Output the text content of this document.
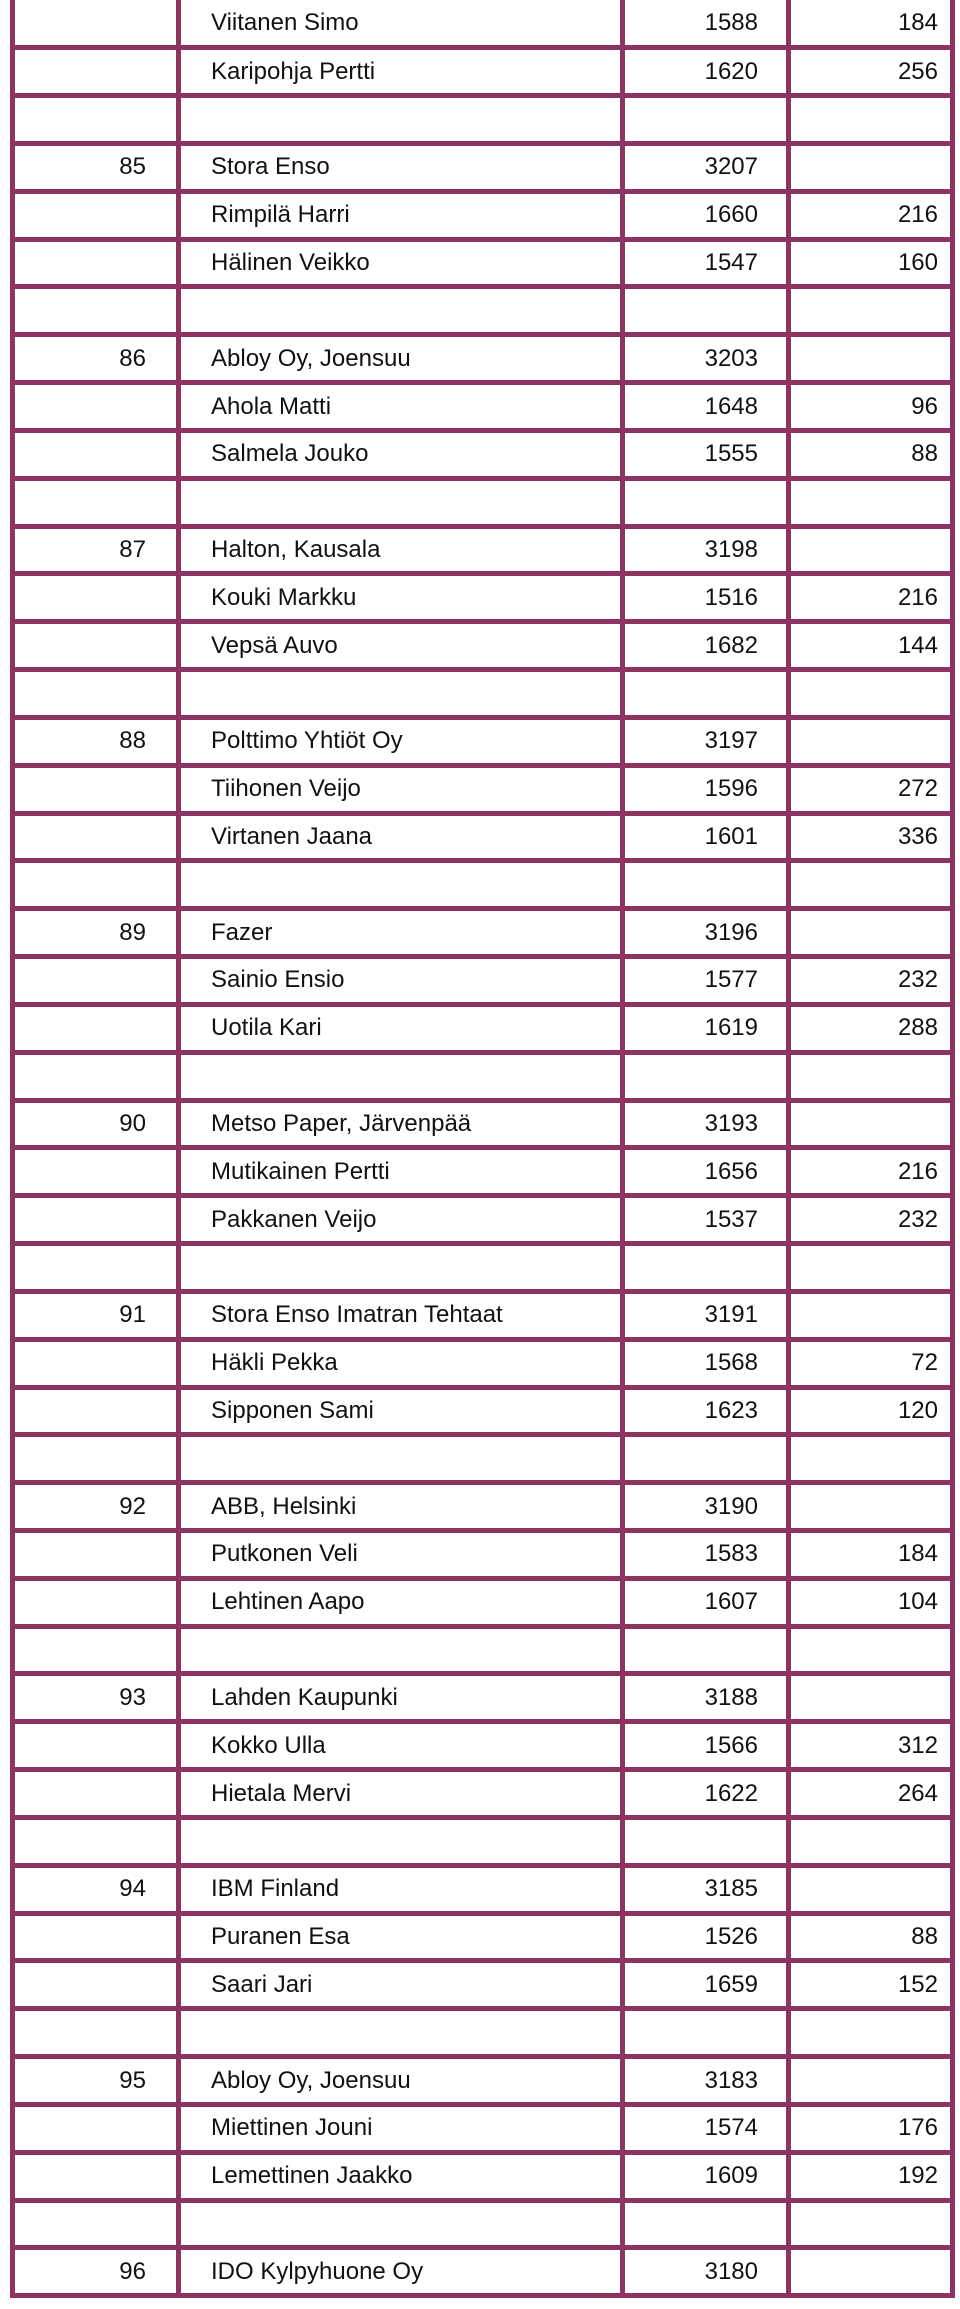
	Viitanen Simo	1588	184
	Karipohja Pertti	1620	256

85	Stora Enso	3207	
	Rimpilä Harri	1660	216
	Hälinen Veikko	1547	160

86	Abloy Oy, Joensuu	3203	
	Ahola Matti	1648	96
	Salmela Jouko	1555	88

87	Halton, Kausala	3198	
	Kouki Markku	1516	216
	Vepsä Auvo	1682	144

88	Polttimo Yhtiöt Oy	3197	
	Tiihonen Veijo	1596	272
	Virtanen Jaana	1601	336

89	Fazer	3196	
	Sainio Ensio	1577	232
	Uotila Kari	1619	288

90	Metso Paper, Järvenpää	3193	
	Mutikainen Pertti	1656	216
	Pakkanen Veijo	1537	232

91	Stora Enso Imatran Tehtaat	3191	
	Häkli Pekka	1568	72
	Sipponen Sami	1623	120

92	ABB, Helsinki	3190	
	Putkonen Veli	1583	184
	Lehtinen Aapo	1607	104

93	Lahden Kaupunki	3188	
	Kokko Ulla	1566	312
	Hietala Mervi	1622	264

94	IBM Finland	3185	
	Puranen Esa	1526	88
	Saari Jari	1659	152

95	Abloy Oy, Joensuu	3183	
	Miettinen Jouni	1574	176
	Lemettinen Jaakko	1609	192

96	IDO Kylpyhuone Oy	3180	
